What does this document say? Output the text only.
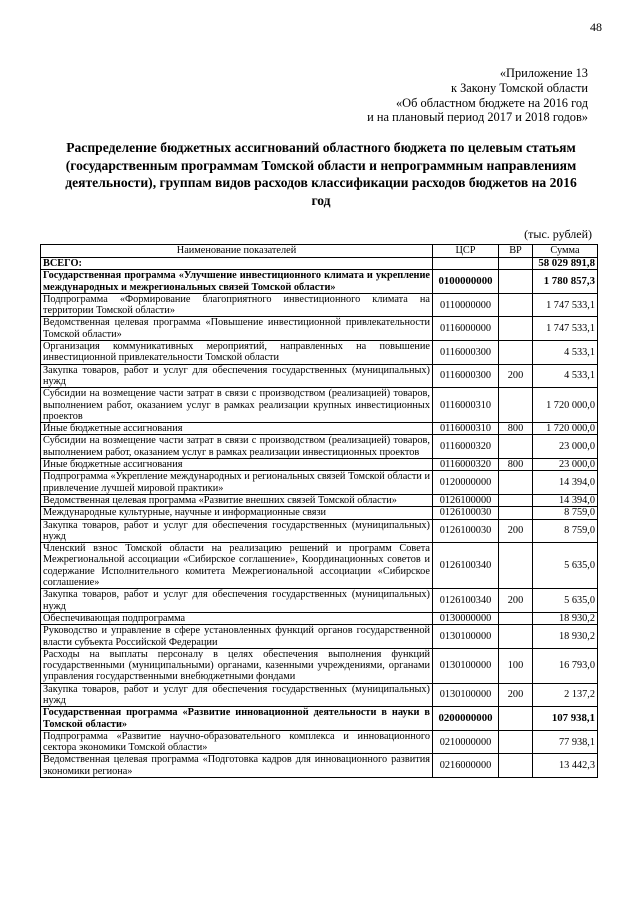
48
«Приложение 13
к Закону Томской области
«Об областном бюджете на 2016 год
и на плановый период 2017 и 2018 годов»
Распределение бюджетных ассигнований областного бюджета по целевым статьям (государственным программам Томской области и непрограммным направлениям деятельности), группам видов расходов классификации расходов бюджетов на 2016 год
(тыс. рублей)
Наименование показателей	ЦСР	ВР	Сумма
ВСЕГО:			58 029 891,8
Государственная программа «Улучшение инвестиционного климата и укрепление международных и межрегиональных связей Томской области»	0100000000		1 780 857,3
Подпрограмма «Формирование благоприятного инвестиционного климата на территории Томской области»	0110000000		1 747 533,1
Ведомственная целевая программа «Повышение инвестиционной привлекательности Томской области»	0116000000		1 747 533,1
Организация коммуникативных мероприятий, направленных на повышение инвестиционной привлекательности Томской области	0116000300		4 533,1
Закупка товаров, работ и услуг для обеспечения государственных (муниципальных) нужд	0116000300	200	4 533,1
Субсидии на возмещение части затрат в связи с производством (реализацией) товаров, выполнением работ, оказанием услуг в рамках реализации крупных инвестиционных проектов	0116000310		1 720 000,0
Иные бюджетные ассигнования	0116000310	800	1 720 000,0
Субсидии на возмещение части затрат в связи с производством (реализацией) товаров, выполнением работ, оказанием услуг в рамках реализации инвестиционных проектов	0116000320		23 000,0
Иные бюджетные ассигнования	0116000320	800	23 000,0
Подпрограмма «Укрепление международных и региональных связей Томской области и привлечение лучшей мировой практики»	0120000000		14 394,0
Ведомственная целевая программа «Развитие внешних связей Томской области»	0126100000		14 394,0
Международные культурные, научные и информационные связи	0126100030		8 759,0
Закупка товаров, работ и услуг для обеспечения государственных (муниципальных) нужд	0126100030	200	8 759,0
Членский взнос Томской области на реализацию решений и программ Совета Межрегиональной ассоциации «Сибирское соглашение», Координационных советов и содержание Исполнительного комитета Межрегиональной ассоциации «Сибирское соглашение»	0126100340		5 635,0
Закупка товаров, работ и услуг для обеспечения государственных (муниципальных) нужд	0126100340	200	5 635,0
Обеспечивающая подпрограмма	0130000000		18 930,2
Руководство и управление в сфере установленных функций органов государственной власти субъекта Российской Федерации	0130100000		18 930,2
Расходы на выплаты персоналу в целях обеспечения выполнения функций государственными (муниципальными) органами, казенными учреждениями, органами управления государственными внебюджетными фондами	0130100000	100	16 793,0
Закупка товаров, работ и услуг для обеспечения государственных (муниципальных) нужд	0130100000	200	2 137,2
Государственная программа «Развитие инновационной деятельности в науки в Томской области»	0200000000		107 938,1
Подпрограмма «Развитие научно-образовательного комплекса и инновационного сектора экономики Томской области»	0210000000		77 938,1
Ведомственная целевая программа «Подготовка кадров для инновационного развития экономики региона»	0216000000		13 442,3
